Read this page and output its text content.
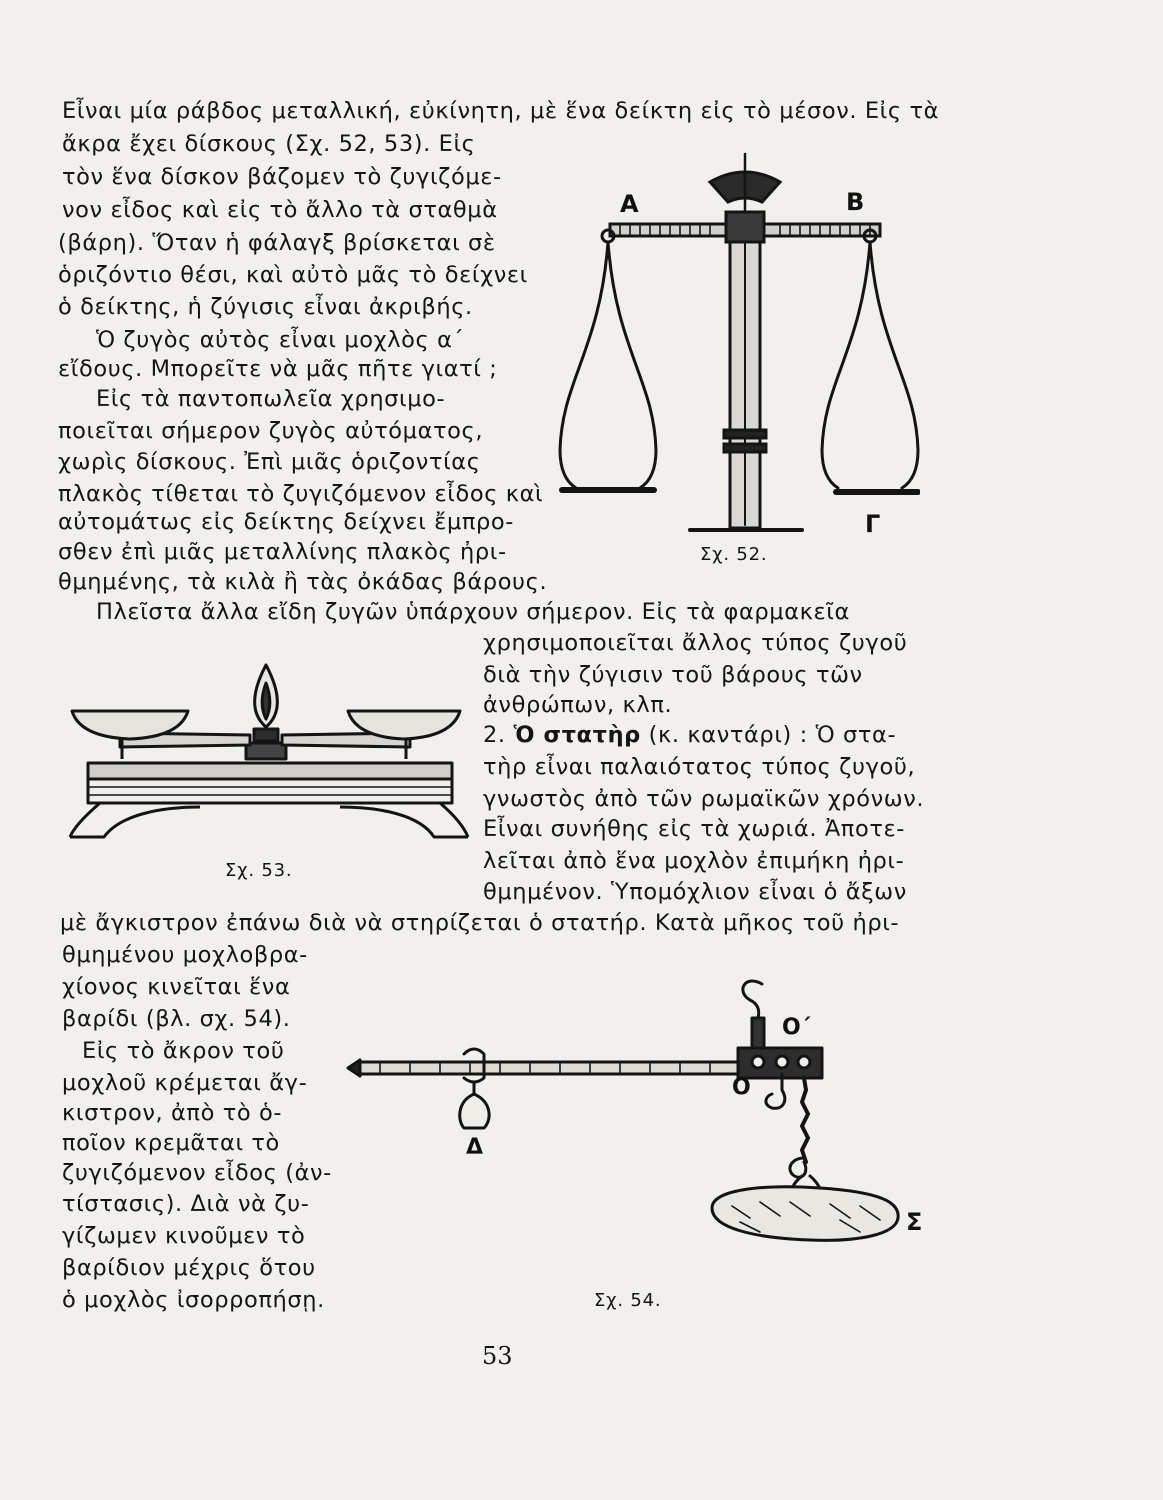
Εἶναι μία ράβδος μεταλλική, εὐκίνητη, μὲ ἕνα δείκτη εἰς τὸ μέσον. Εἰς τὰ
ἄκρα ἔχει δίσκους (Σχ. 52, 53). Εἰς
τὸν ἕνα δίσκον βάζομεν τὸ ζυγιζόμε-
νον εἶδος καὶ εἰς τὸ ἄλλο τὰ σταθμὰ
(βάρη). Ὅταν ἡ φάλαγξ βρίσκεται σὲ
ὁριζόντιο θέσι, καὶ αὐτὸ μᾶς τὸ δείχνει
ὁ δείκτης, ἡ ζύγισις εἶναι ἀκριβής.
Ὁ ζυγὸς αὐτὸς εἶναι μοχλὸς α΄
εἴδους. Μπορεῖτε νὰ μᾶς πῆτε γιατί ;
Εἰς τὰ παντοπωλεῖα χρησιμο-
ποιεῖται σήμερον ζυγὸς αὐτόματος,
χωρὶς δίσκους. Ἐπὶ μιᾶς ὁριζοντίας
πλακὸς τίθεται τὸ ζυγιζόμενον εἶδος καὶ
αὐτομάτως εἰς δείκτης δείχνει ἔμπρο-
σθεν ἐπὶ μιᾶς μεταλλίνης πλακὸς ἠρι-
θμημένης, τὰ κιλὰ ἢ τὰς ὀκάδας βάρους.
Πλεῖστα ἄλλα εἴδη ζυγῶν ὑπάρχουν σήμερον. Εἰς τὰ φαρμακεῖα
χρησιμοποιεῖται ἄλλος τύπος ζυγοῦ
διὰ τὴν ζύγισιν τοῦ βάρους τῶν
ἀνθρώπων, κλπ.
2. Ὁ στατὴρ (κ. καντάρι) : Ὁ στα-
τὴρ εἶναι παλαιότατος τύπος ζυγοῦ,
γνωστὸς ἀπὸ τῶν ρωμαϊκῶν χρόνων.
Εἶναι συνήθης εἰς τὰ χωριά. Ἀποτε-
λεῖται ἀπὸ ἕνα μοχλὸν ἐπιμήκη ἠρι-
θμημένον. Ὑπομόχλιον εἶναι ὁ ἄξων
μὲ ἄγκιστρον ἐπάνω διὰ νὰ στηρίζεται ὁ στατήρ. Κατὰ μῆκος τοῦ ἠρι-
θμημένου μοχλοβρα-
χίονος κινεῖται ἕνα
βαρίδι (βλ. σχ. 54).
Εἰς τὸ ἄκρον τοῦ
μοχλοῦ κρέμεται ἄγ-
κιστρον, ἀπὸ τὸ ὁ-
ποῖον κρεμᾶται τὸ
ζυγιζόμενον εἶδος (ἀν-
τίστασις). Διὰ νὰ ζυ-
γίζωμεν κινοῦμεν τὸ
βαρίδιον μέχρις ὅτου
ὁ μοχλὸς ἰσορροπήσῃ.
Α	Β
Γ
Σχ. 52.
Σχ. 53.
Ο
Ο΄
Δ
Σ
Σχ. 54.
53
